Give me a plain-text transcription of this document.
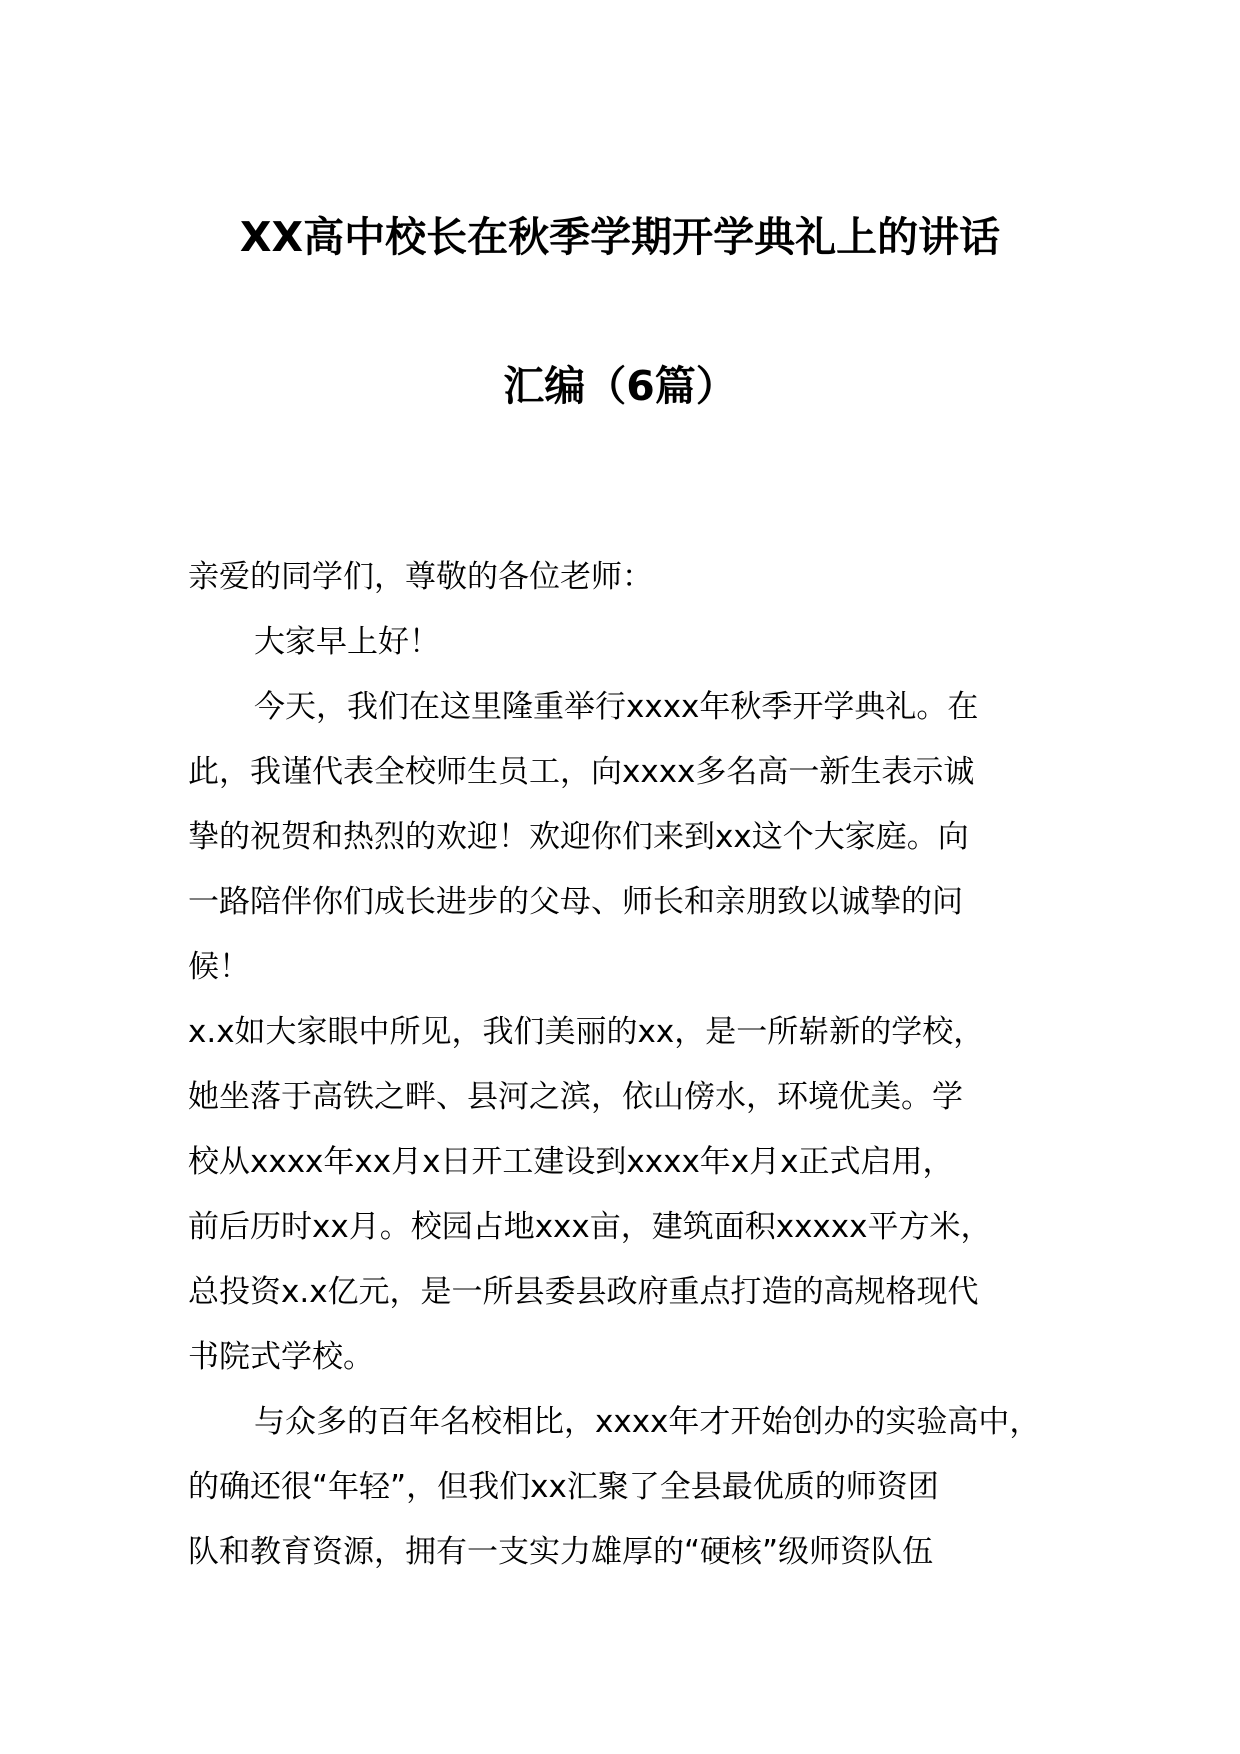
XX高中校长在秋季学期开学典礼上的讲话
汇编（6篇）

亲爱的同学们，尊敬的各位老师：

大家早上好！

今天，我们在这里隆重举行xxxx年秋季开学典礼。在

此，我谨代表全校师生员工，向xxxx多名高一新生表示诚

挚的祝贺和热烈的欢迎！欢迎你们来到xx这个大家庭。向

一路陪伴你们成长进步的父母、师长和亲朋致以诚挚的问

候！

x.x如大家眼中所见，我们美丽的xx，是一所崭新的学校，

她坐落于高铁之畔、县河之滨，依山傍水，环境优美。学

校从xxxx年xx月x日开工建设到xxxx年x月x正式启用，

前后历时xx月。校园占地xxx亩，建筑面积xxxxx平方米，

总投资x.x亿元，是一所县委县政府重点打造的高规格现代

书院式学校。

与众多的百年名校相比，xxxx年才开始创办的实验高中，

的确还很“年轻”，但我们xx汇聚了全县最优质的师资团

队和教育资源，拥有一支实力雄厚的“硬核”级师资队伍
